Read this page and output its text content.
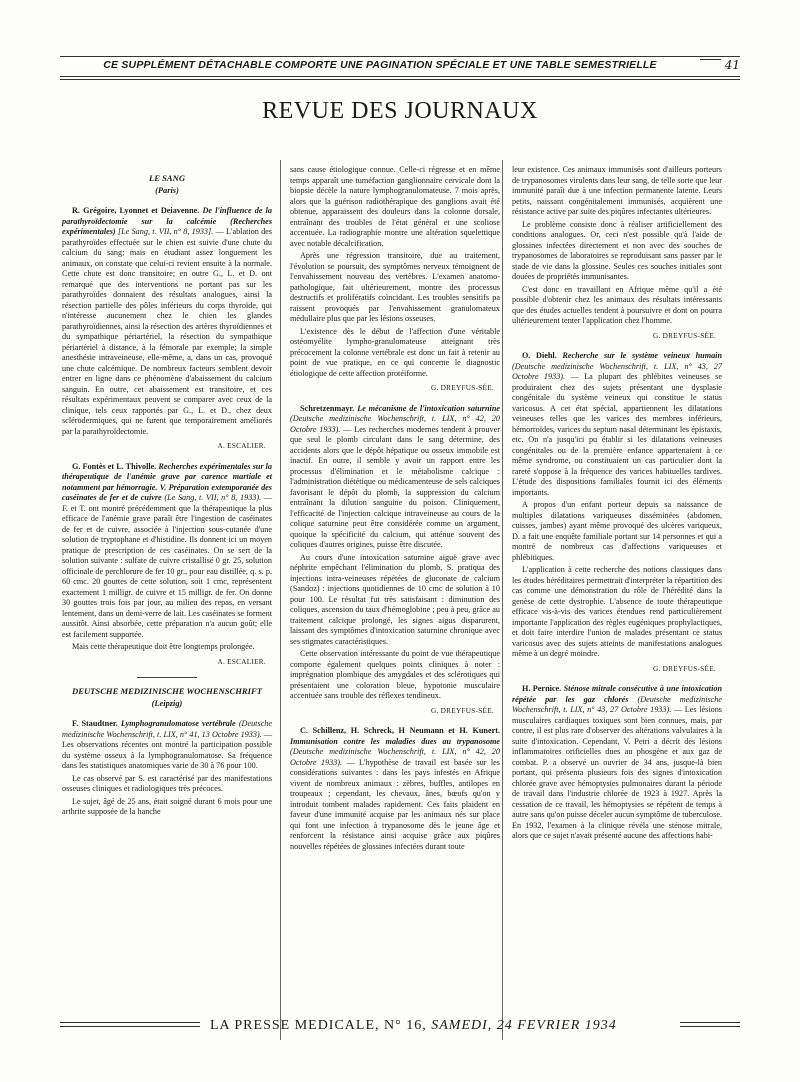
CE SUPPLÉMENT DÉTACHABLE COMPORTE UNE PAGINATION SPÉCIALE ET UNE TABLE SEMESTRIELLE	41
REVUE DES JOURNAUX
LE SANG
(Paris)

R. Grégoire, Lyonnet et Deiavenne. De l'influence de la parathyroïdectomie sur la calcémie (Recherches expérimentales) [Le Sang, t. VII, n° 8, 1933]. — L'ablation des parathyroïdes effectuée sur le chien est suivie d'une chute du calcium du sang; mais en étudiant assez longuement les animaux, on constate que celui-ci revient ensuite à la normale. Cette chute est donc transitoire; en outre G., L. et D. ont remarqué que des interventions ne portant pas sur les parathyroïdes donnaient des résultats analogues, ainsi la résection partielle des pôles inférieurs du corps thyroïde, qui n'intéresse aucunement chez le chien les glandes parathyroïdiennes, ainsi la résection des artères thyroïdiennes et du sympathique périartériel, la résection du sympathique périartériel à distance, à la fémorale par exemple; la simple anesthésie intraveineuse, elle-même, a, dans un cas, provoqué une chute calcémique. De nombreux facteurs semblent devoir entrer en ligne dans ce phénomène d'abaissement du calcium sanguin. En outre, cet abaissement est transitoire, et ces résultats expérimentaux peuvent se comparer avec ceux de la clinique, tels ceux rapportés par G., L. et D., chez deux sclérodermiques, qui ne furent que temporairement améliorés par la parathyroïdectomie.

A. ESCALIER.

G. Fontès et L. Thivolle. Recherches expérimentales sur la thérapeutique de l'anémie grave par carence martiale et notamment par hémorragie. V. Préparation extemporanée des caséinates de fer et de cuivre (Le Sang, t. VII, n° 8, 1933). — F. et T. ont montré précédemment que la thérapeutique la plus efficace de l'anémie grave paraît être l'ingestion de caséinates de fer et de cuivre, associée à l'injection sous-cutanée d'une solution de tryptophane et d'histidine. Ils donnent ici un moyen pratique de prescription de ces caséinates. On se sert de la solution suivante : sulfate de cuivre cristallisé 0 gr. 25, solution officinale de perchlorure de fer 10 gr., pour eau distillée, q. s. p. 60 cmc. 20 gouttes de cette solution, soit 1 cmc, représentent exactement 1 milligr. de cuivre et 15 milligr. de fer. On donne 30 gouttes trois fois par jour, au milieu des repas, en versant lentement, dans un demi-verre de lait. Les caséinates se forment aussitôt. Ainsi absorbée, cette préparation n'a aucun goût; elle est facilement supportée.

Mais cette thérapeutique doit être longtemps prolongée.

A. ESCALIER.
DEUTSCHE MEDIZINISCHE WOCHENSCHRIFT
(Leipzig)

F. Staudtner. Lymphogranulomatose vertébrale (Deutsche medizinische Wochenschrift, t. LIX, n° 41, 13 Octobre 1933). — Les observations récentes ont montré la participation possible du système osseux à la lymphogranulomatose. Sa fréquence dans les statistiques anatomiques varie de 30 à 76 pour 100.

Le cas observé par S. est caractérisé par des manifestations osseuses cliniques et radiologiques très précoces.

Le sujet, âgé de 25 ans, était soigné durant 6 mois pour une arthrite supposée de la hanche

sans cause étiologique connue. Celle-ci régresse et en même temps apparaît une tuméfaction ganglionnaire cervicale dont la biopsie décèle la nature lymphogranulomateuse. 7 mois après, alors que la guérison radiothérapique des ganglions avait été obtenue, apparaissent des douleurs dans la colonne dorsale, entraînant des troubles de l'état général et une scoliose accentuée. La radiographie montre une altération squelettique avec notable décalcification.

Après une régression transitoire, due au traitement, l'évolution se poursuit, des symptômes nerveux témoignent de l'envahissement nouveau des vertèbres. L'examen anatomo-pathologique, fait ultérieurement, montre des processus destructifs et prolifératifs coïncidant. Les troubles sensitifs pa raissent provoqués par l'envahissement granulomateux médullaire plus que par les lésions osseuses.

L'existence dès le début de l'affection d'une véritable ostéomyélite lympho-granulomateuse atteignant très précocement la colonne vertébrale est donc un fait à retenir au point de vue pratique, en ce qui concerne le diagnostic étiologique de cette affection protéiforme.

G. DREYFUS-SÉE.

Schretzenmayr. Le mécanisme de l'intoxication saturnine (Deutsche medizinische Wochenschrift, t. LIX, n° 42, 20 Octobre 1933). — Les recherches modernes tendent à prouver que seul le plomb circulant dans le sang détermine, des accidents alors que le dépôt hépatique ou osseux immobile est inactif. En outre, il semble y avoir un rapport entre les processus d'élimination et le métabolisme calcique : l'administration diététique ou médicamenteuse de sels calciques favorisant le dépôt du plomb, la suppression du calcium entraînant la dilution sanguine du poison. Cliniquement, l'efficacité de l'injection calcique intraveineuse au cours de la colique saturnine peut être considérée comme un argument, quoique la spécificité du calcium, qui atténue souvent des coliques d'autres origines, puisse être discutée.

Au cours d'une intoxication saturnine aiguë grave avec néphrite empêchant l'élimination du plomb, S. pratiqua des injections intra-veineuses répétées de gluconate de calcium (Sandoz) : injections quotidiennes de 10 cmc de solution à 10 pour 100. Le résultat fut très satisfaisant : diminution des coliques, ascension du taux d'hémoglobine ; peu à peu, grâce au traitement calcique prolongé, les signes aigus disparurent, laissant des symptômes d'intoxication saturnine chronique avec ses stigmates caractéristiques.

Cette observation intéressante du point de vue thérapeutique comporte également quelques points cliniques à noter : imprégnation plombique des amygdales et des sclérotiques qui présentaient une coloration bleue, hypotonie musculaire accentuée sans trouble des réflexes tendineux.

G. DREYFUS-SÉE.

C. Schillenz, H. Schreck, H Neumann et H. Kunert. Immunisation contre les maladies dues au trypanosome (Deutsche medizinische Wochenschrift, t. LIX, n° 42, 20 Octobre 1933). — L'hypothèse de travail est basée sur les considérations suivantes : dans les pays infestés en Afrique vivent de nombreux animaux : zèbres, buffles, antilopes en troupeaux ; cependant, les chevaux, ânes, bœufs qu'on y introduit tombent malades rapidement. Ces faits plaident en faveur d'une immunité acquise par les animaux nés sur place qui font une infection à trypanosome dès le jeune âge et renforcent la résistance ainsi acquise grâce aux piqûres nouvelles répétées de glossines infectées durant toute

leur existence. Ces animaux immunisés sont d'ailleurs porteurs de trypanosomes virulents dans leur sang, de telle sorte que leur immunité paraît due à une infection permanente latente. Leurs petits, naissant congénitalement immunisés, acquièrent une résistance active par suite des piqûres infectantes ultérieures.

Le problème consiste donc à réaliser artificiellement des conditions analogues. Or, ceci n'est possible qu'à l'aide de glossines infectées directement et non avec des souches de trypanosomes de laboratoires se reproduisant sans passer par le stade de vie dans la glossine. Seules ces souches initiales sont douées de propriétés immunisantes.

C'est donc en travaillant en Afrique même qu'il a été possible d'obtenir chez les animaux des résultats intéressants que des études actuelles tendent à poursuivre et dont on pourra ultérieurement tenter l'application chez l'homme.

G. DREYFUS-SÉE.

O. Diehl. Recherche sur le système veineux humain (Deutsche medizinische Wochenschrift, t. LIX, n° 43, 27 Octobre 1933). — La plupart des phlébites veineuses se produiraient chez des sujets présentant une dysplasie congénitale du système veineux qui constitue le status varicosus. A cet état spécial, appartiennent les dilatations veineuses telles que les varices des membres inférieurs, hémorroïdes, varices du septum nasal déterminant les épistaxis, etc. On n'a jusqu'ici pu établir si les dilatations veineuses congénitales ou de la première enfance appartenaient à ce même syndrome, ou constituaient un cas particulier dont la rareté s'oppose à la fréquence des varices habituelles tardives. L'étude des dispositions familiales fournit ici des éléments importants.

A propos d'un enfant porteur depuis sa naissance de multiples dilatations variqueuses disséminées (abdomen, cuisses, jambes) ayant même provoqué des ulcères variqueux, D. a fait une enquête familiale portant sur 14 personnes et qui a montré de nombreux cas d'affections variqueuses et phlébitiques.

L'application à cette recherche des notions classiques dans les études héréditaires permettrait d'interpréter la répartition des cas comme une démonstration du rôle de l'hérédité dans la genèse de cette dystrophie. L'absence de toute thérapeutique efficace vis-à-vis des varices étendues rend particulièrement importante l'application des règles eugéniques prophylactiques, et doit faire interdire l'union de malades présentant ce status varicosus avec des sujets atteints de manifestations analogues même à un degré moindre.

G. DREYFUS-SÉE.

H. Pernice. Sténose mitrale consécutive à une intoxication répétée par les gaz chlorés (Deutsche medizinische Wochenschrift, t. LIX, n° 43, 27 Octobre 1933). — Les lésions musculaires cardiaques toxiques sont bien connues, mais, par contre, il est plus rare d'observer des altérations valvulaires à la suite d'intoxication. Cependant, V. Petri a décrit des lésions inflammatoires orificielles dues au phosgène et aux gaz de combat. P. a observé un ouvrier de 34 ans, jusque-là bien portant, qui présenta plusieurs fois des signes d'intoxication chlorée grave avec hémoptysies pulmonaires durant la période de travail dans l'industrie chlorée de 1923 à 1927. Après la cessation de ce travail, les hémoptysies se répétent de temps à autre sans qu'on puisse déceler aucun symptôme de tuberculose. En 1932, l'examen à la clinique révéla une sténose mitrale, alors que ce sujet n'avait présenté aucune des affections habi-

LA PRESSE MEDICALE, N° 16, SAMEDI, 24 FEVRIER 1934
